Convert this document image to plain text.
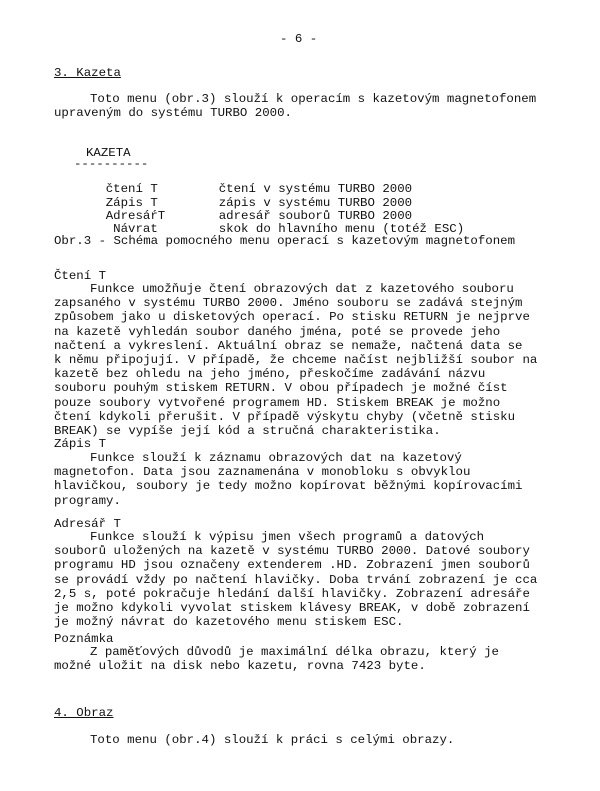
- 6 -
3. Kazeta
Toto menu (obr.3) slouží k operacím s kazetovým magnetofonem
upraveným do systému TURBO 2000.
KAZETA
----------

čtení T	čtení v systému TURBO 2000

Zápis T	zápis v systému TURBO 2000

AdresáŕT	adresář souborů TURBO 2000

Návrat	skok do hlavního menu (totéž ESC)

Obr.3 - Schéma pomocného menu operací s kazetovým magnetofonem
Čtení T

Funkce umožňuje čtení obrazových dat z kazetového souboru

zapsaného v systému TURBO 2000. Jméno souboru se zadává stejným

způsobem jako u disketových operací. Po stisku RETURN je nejprve

na kazetě vyhledán soubor daného jména, poté se provede jeho

načtení a vykreslení. Aktuální obraz se nemaže, načtená data se

k němu připojují. V případě, že chceme načíst nejbližší soubor na

kazetě bez ohledu na jeho jméno, přeskočíme zadávání názvu

souboru pouhým stiskem RETURN. V obou případech je možné číst

pouze soubory vytvořené programem HD. Stiskem BREAK je možno

čtení kdykoli přerušit. V případě výskytu chyby (včetně stisku

BREAK) se vypíše její kód a stručná charakteristika.

Zápis T

Funkce slouží k záznamu obrazových dat na kazetový

magnetofon. Data jsou zaznamenána v monobloku s obvyklou

hlavičkou, soubory je tedy možno kopírovat běžnými kopírovacími

programy.

Adresář T

Funkce slouží k výpisu jmen všech programů a datových

souborů uložených na kazetě v systému TURBO 2000. Datové soubory

programu HD jsou označeny extenderem .HD. Zobrazení jmen souborů

se provádí vždy po načtení hlavičky. Doba trvání zobrazení je cca

2,5 s, poté pokračuje hledání další hlavičky. Zobrazení adresáře

je možno kdykoli vyvolat stiskem klávesy BREAK, v době zobrazení

je možný návrat do kazetového menu stiskem ESC.

Poznámka

Z paměťových důvodů je maximální délka obrazu, který je

možné uložit na disk nebo kazetu, rovna 7423 byte.

4. Obraz
Toto menu (obr.4) slouží k práci s celými obrazy.
